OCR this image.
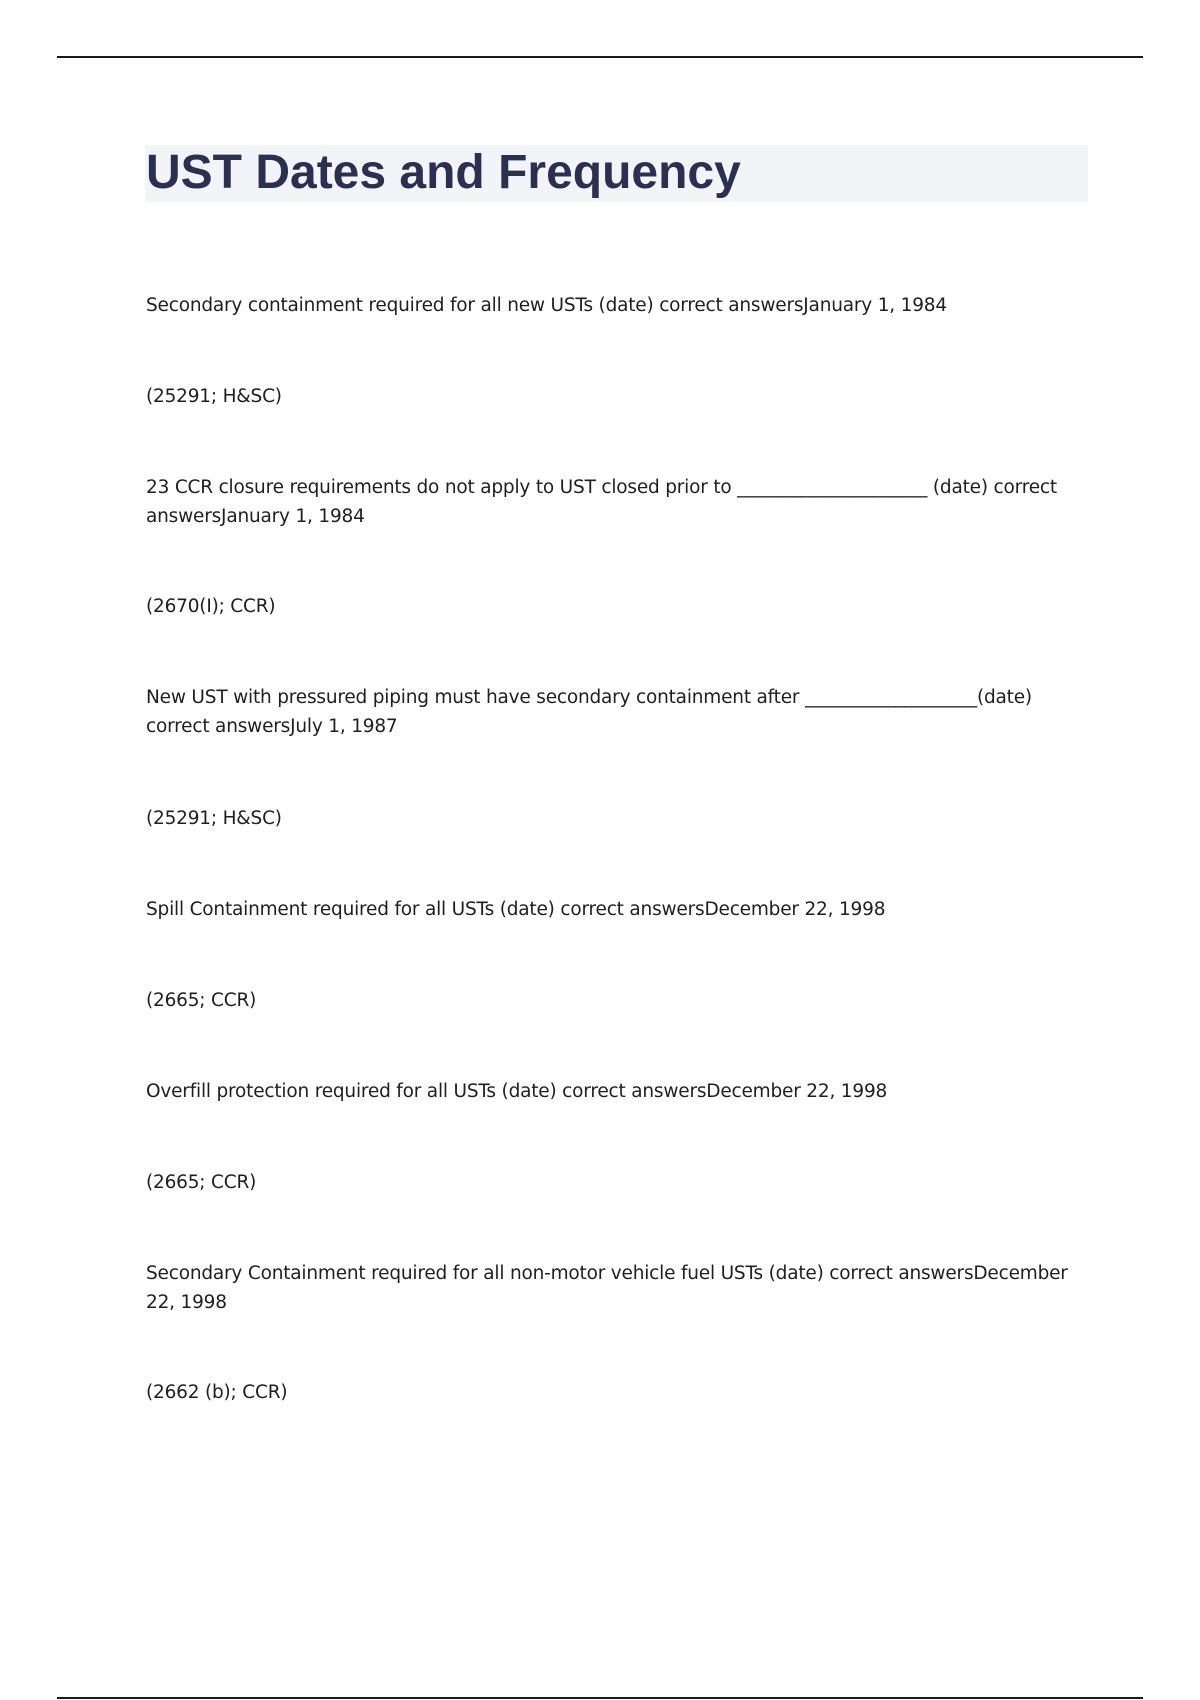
UST Dates and Frequency

Secondary containment required for all new USTs (date) correct answersJanuary 1, 1984

(25291; H&SC)

23 CCR closure requirements do not apply to UST closed prior to _____________________ (date) correct answersJanuary 1, 1984

(2670(I); CCR)

New UST with pressured piping must have secondary containment after ___________________(date) correct answersJuly 1, 1987

(25291; H&SC)

Spill Containment required for all USTs (date) correct answersDecember 22, 1998

(2665; CCR)

Overfill protection required for all USTs (date) correct answersDecember 22, 1998

(2665; CCR)

Secondary Containment required for all non-motor vehicle fuel USTs (date) correct answersDecember 22, 1998

(2662 (b); CCR)
